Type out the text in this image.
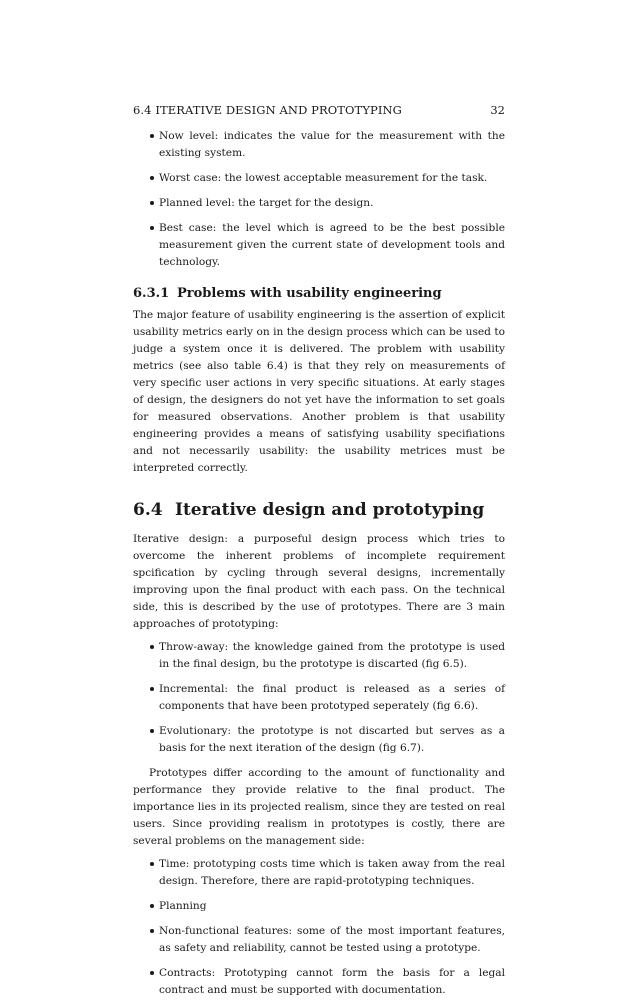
6.4 ITERATIVE DESIGN AND PROTOTYPING	32
Now level: indicates the value for the measurement with the existing system.
Worst case: the lowest acceptable measurement for the task.
Planned level: the target for the design.
Best case: the level which is agreed to be the best possible measurement given the current state of development tools and technology.
6.3.1 Problems with usability engineering

The major feature of usability engineering is the assertion of explicit usability metrics early on in the design process which can be used to judge a system once it is delivered. The problem with usability metrics (see also table 6.4) is that they rely on measurements of very specific user actions in very specific situations. At early stages of design, the designers do not yet have the information to set goals for measured observations. Another problem is that usability engineering provides a means of satisfying usability specifiations and not necessarily usability: the usability metrices must be interpreted correctly.

6.4 Iterative design and prototyping

Iterative design: a purposeful design process which tries to overcome the inherent problems of incomplete requirement spcification by cycling through several designs, incrementally improving upon the final product with each pass. On the technical side, this is described by the use of prototypes. There are 3 main approaches of prototyping:

Throw-away: the knowledge gained from the prototype is used in the final design, bu the prototype is discarted (fig 6.5).
Incremental: the final product is released as a series of components that have been prototyped seperately (fig 6.6).
Evolutionary: the prototype is not discarted but serves as a basis for the next iteration of the design (fig 6.7).

Prototypes differ according to the amount of functionality and performance they provide relative to the final product. The importance lies in its projected realism, since they are tested on real users. Since providing realism in prototypes is costly, there are several problems on the management side:

Time: prototyping costs time which is taken away from the real design. Therefore, there are rapid-prototyping techniques.
Planning
Non-functional features: some of the most important features, as safety and reliability, cannot be tested using a prototype.
Contracts: Prototyping cannot form the basis for a legal contract and must be supported with documentation.
